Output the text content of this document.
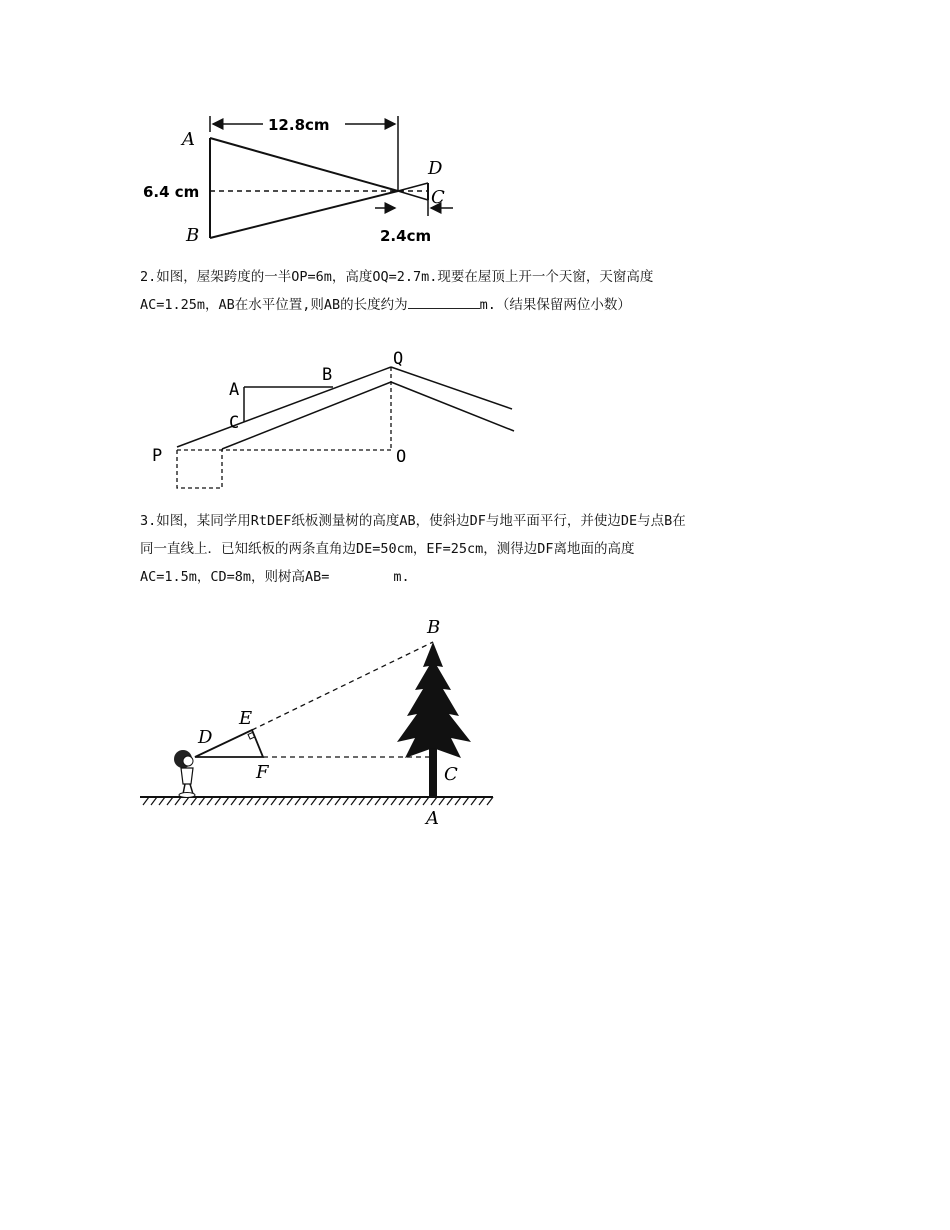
12.8cm
2.4cm
6.4 cm
A
B
D
C

2.如图，屋架跨度的一半OP=6m，高度OQ=2.7m.现要在屋顶上开一个天窗，天窗高度
AC=1.25m，AB在水平位置,则AB的长度约为	m.（结果保留两位小数）

A
B
C
P
Q
O

3.如图，某同学用RtDEF纸板测量树的高度AB，使斜边DF与地平面平行，并使边DE与点B在
同一直线上．已知纸板的两条直角边DE=50cm，EF=25cm，测得边DF离地面的高度
AC=1.5m，CD=8m，则树高AB=	m.

B
E
D
F	C
A
